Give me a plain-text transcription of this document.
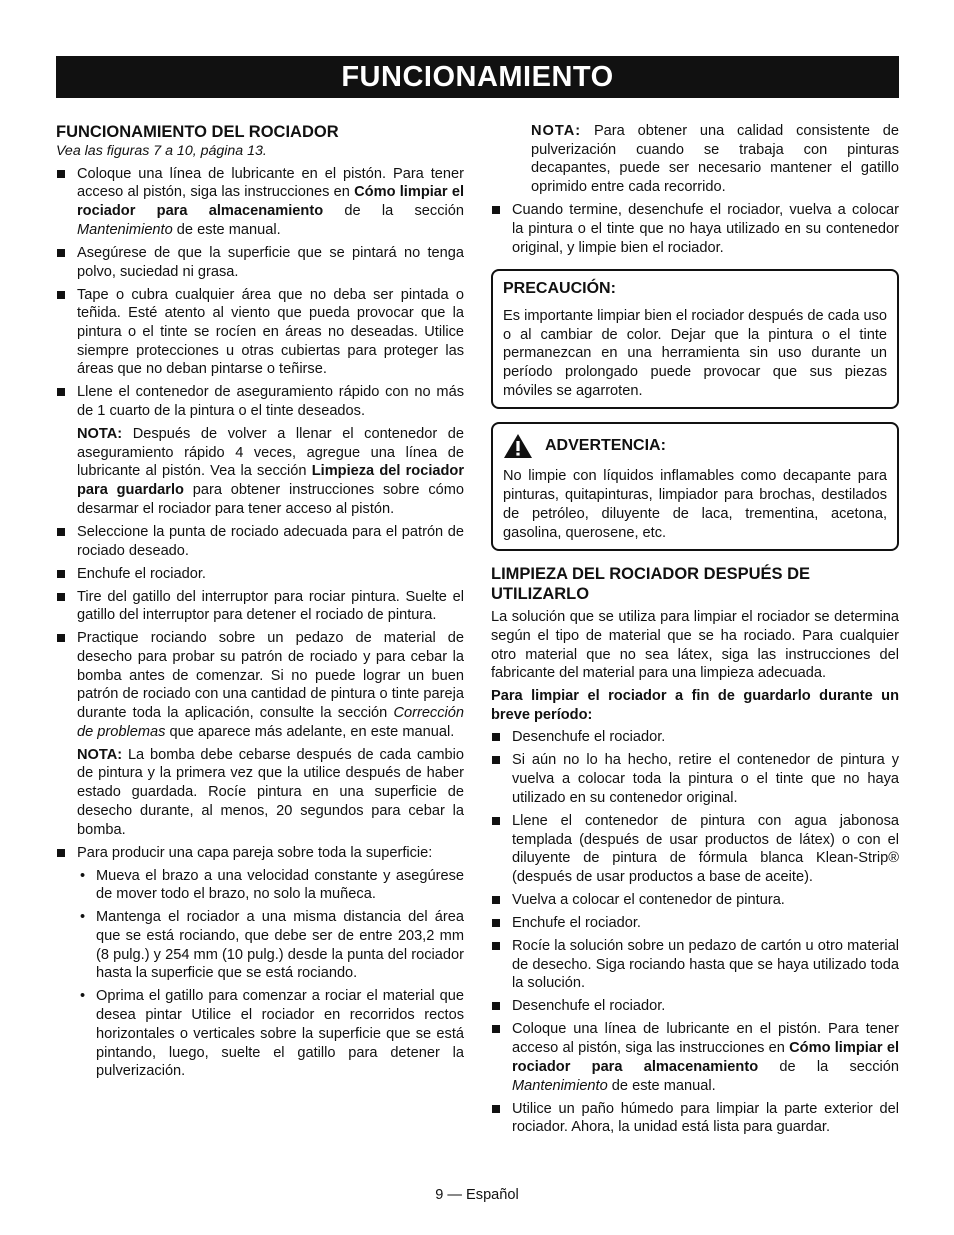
FUNCIONAMIENTO
FUNCIONAMIENTO DEL ROCIADOR
Vea las figuras 7 a 10, página 13.
Coloque una línea de lubricante en el pistón. Para tener acceso al pistón, siga las instrucciones en Cómo limpiar el rociador para almacenamiento de la sección Mantenimiento de este manual.
Asegúrese de que la superficie que se pintará no tenga polvo, suciedad ni grasa.
Tape o cubra cualquier área que no deba ser pintada o teñida. Esté atento al viento que pueda provocar que la pintura o el tinte se rocíen en áreas no deseadas. Utilice siempre protecciones u otras cubiertas para proteger las áreas que no deban pintarse o teñirse.
Llene el contenedor de aseguramiento rápido con no más de 1 cuarto de la pintura o el tinte deseados.
NOTA: Después de volver a llenar el contenedor de aseguramiento rápido 4 veces, agregue una línea de lubricante al pistón. Vea la sección Limpieza del rociador para guardarlo para obtener instrucciones sobre cómo desarmar el rociador para tener acceso al pistón.
Seleccione la punta de rociado adecuada para el patrón de rociado deseado.
Enchufe el rociador.
Tire del gatillo del interruptor para rociar pintura. Suelte el gatillo del interruptor para detener el rociado de pintura.
Practique rociando sobre un pedazo de material de desecho para probar su patrón de rociado y para cebar la bomba antes de comenzar. Si no puede lograr un buen patrón de rociado con una cantidad de pintura o tinte pareja durante toda la aplicación, consulte la sección Corrección de problemas que aparece más adelante, en este manual.
NOTA: La bomba debe cebarse después de cada cambio de pintura y la primera vez que la utilice después de haber estado guardada. Rocíe pintura en una superficie de desecho durante, al menos, 20 segundos para cebar la bomba.
Para producir una capa pareja sobre toda la superficie:
• Mueva el brazo a una velocidad constante y asegúrese de mover todo el brazo, no solo la muñeca.
• Mantenga el rociador a una misma distancia del área que se está rociando, que debe ser de entre 203,2 mm (8 pulg.) y 254 mm (10 pulg.) desde la punta del rociador hasta la superficie que se está rociando.
• Oprima el gatillo para comenzar a rociar el material que desea pintar Utilice el rociador en recorridos rectos horizontales o verticales sobre la superficie que se está pintando, luego, suelte el gatillo para detener la pulverización.
NOTA: Para obtener una calidad consistente de pulverización cuando se trabaja con pinturas decapantes, puede ser necesario mantener el gatillo oprimido entre cada recorrido.
Cuando termine, desenchufe el rociador, vuelva a colocar la pintura o el tinte que no haya utilizado en su contenedor original, y limpie bien el rociador.
PRECAUCIÓN:

Es importante limpiar bien el rociador después de cada uso o al cambiar de color. Dejar que la pintura o el tinte permanezcan en una herramienta sin uso durante un período prolongado puede provocar que sus piezas móviles se agarroten.

ADVERTENCIA:

No limpie con líquidos inflamables como decapante para pinturas, quitapinturas, limpiador para brochas, destilados de petróleo, diluyente de laca, trementina, acetona, gasolina, querosene, etc.

LIMPIEZA DEL ROCIADOR DESPUÉS DE UTILIZARLO

La solución que se utiliza para limpiar el rociador se determina según el tipo de material que se ha rociado. Para cualquier otro material que no sea látex, siga las instrucciones del fabricante del material para una limpieza adecuada.

Para limpiar el rociador a fin de guardarlo durante un breve período:
Desenchufe el rociador.
Si aún no lo ha hecho, retire el contenedor de pintura y vuelva a colocar toda la pintura o el tinte que no haya utilizado en su contenedor original.
Llene el contenedor de pintura con agua jabonosa templada (después de usar productos de látex) o con el diluyente de pintura de fórmula blanca Klean-Strip® (después de usar productos a base de aceite).
Vuelva a colocar el contenedor de pintura.
Enchufe el rociador.
Rocíe la solución sobre un pedazo de cartón u otro material de desecho. Siga rociando hasta que se haya utilizado toda la solución.
Desenchufe el rociador.
Coloque una línea de lubricante en el pistón. Para tener acceso al pistón, siga las instrucciones en Cómo limpiar el rociador para almacenamiento de la sección Mantenimiento de este manual.
Utilice un paño húmedo para limpiar la parte exterior del rociador. Ahora, la unidad está lista para guardar.
9 — Español
